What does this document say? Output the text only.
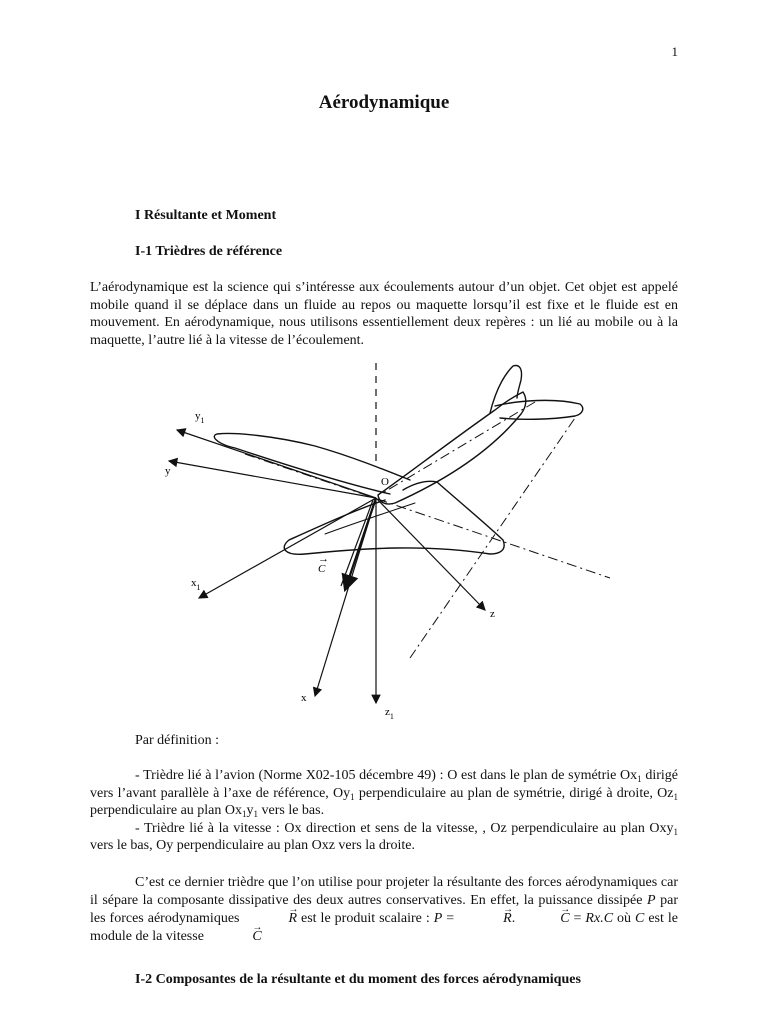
1
Aérodynamique
I Résultante et Moment
I-1 Trièdres de référence

L’aérodynamique est la science qui s’intéresse aux écoulements autour d’un objet. Cet objet est appelé mobile quand il se déplace dans un fluide au repos ou maquette lorsqu’il est fixe et le fluide est en mouvement. En aérodynamique, nous utilisons essentiellement deux repères : un lié au mobile ou à la maquette, l’autre lié à la vitesse de l’écoulement.

$y_1$
y
O
C
→
$x_1$
z
x
$z_1$
Par définition :

- Trièdre lié à l’avion (Norme X02-105 décembre 49) : O est dans le plan de symétrie $Ox_1$ dirigé vers l’avant parallèle à l’axe de référence, $Oy_1$ perpendiculaire au plan de symétrie, dirigé à droite, $Oz_1$ perpendiculaire au plan $Ox_1y_1$ vers le bas.

- Trièdre lié à la vitesse : Ox direction et sens de la vitesse, , Oz perpendiculaire au plan Oxy$_1$ vers le bas, Oy perpendiculaire au plan Oxz vers la droite.

C’est ce dernier trièdre que l’on utilise pour projeter la résultante des forces aérodynamiques car il sépare la composante dissipative des deux autres conservatives. En effet, la puissance dissipée P par les forces aérodynamiques	→ R est le produit scalaire : P =	→ R.	→ C = Rx.C où C est le module de la vitesse	→ C

I-2 Composantes de la résultante et du moment des forces aérodynamiques
